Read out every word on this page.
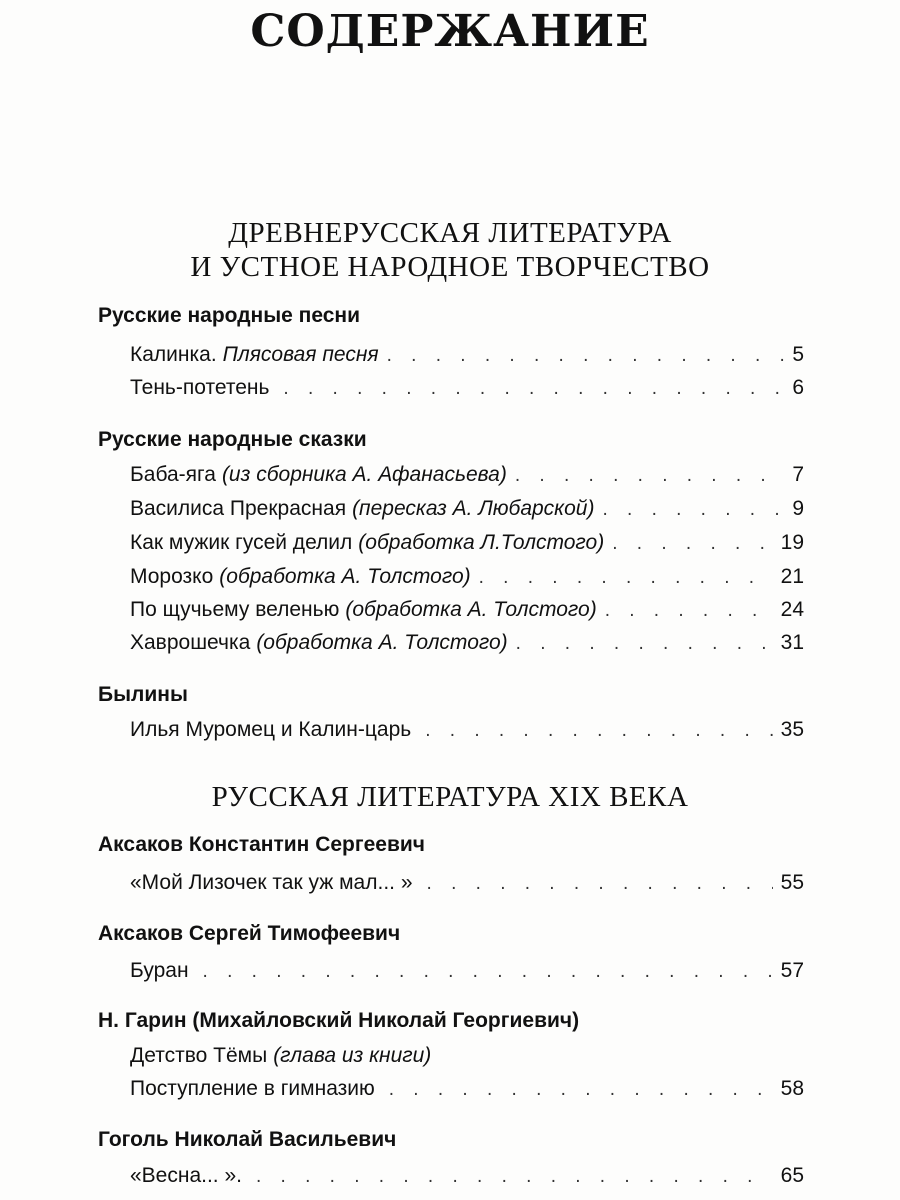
СОДЕРЖАНИЕ
ДРЕВНЕРУССКАЯ ЛИТЕРАТУРА
И УСТНОЕ НАРОДНОЕ ТВОРЧЕСТВО
Русские народные песни
Калинка. Плясовая песня . . .	5
Тень-потетень . . .	6
Русские народные сказки
Баба-яга (из сборника А. Афанасьева) . . .	7
Василиса Прекрасная (пересказ А. Любарской) . . .	9
Как мужик гусей делил (обработка Л.Толстого) . . .	19
Морозко (обработка А. Толстого) . . .	21
По щучьему веленью (обработка А. Толстого) . . .	24
Хаврошечка (обработка А. Толстого) . . .	31
Былины
Илья Муромец и Калин-царь . . .	35
РУССКАЯ ЛИТЕРАТУРА XIX ВЕКА
Аксаков Константин Сергеевич
«Мой Лизочек так уж мал... » . . .	55
Аксаков Сергей Тимофеевич
Буран . . .	57
Н. Гарин (Михайловский Николай Георгиевич)
Детство Тёмы (глава из книги)
Поступление в гимназию . . .	58
Гоголь Николай Васильевич
«Весна... ». . . .	65
